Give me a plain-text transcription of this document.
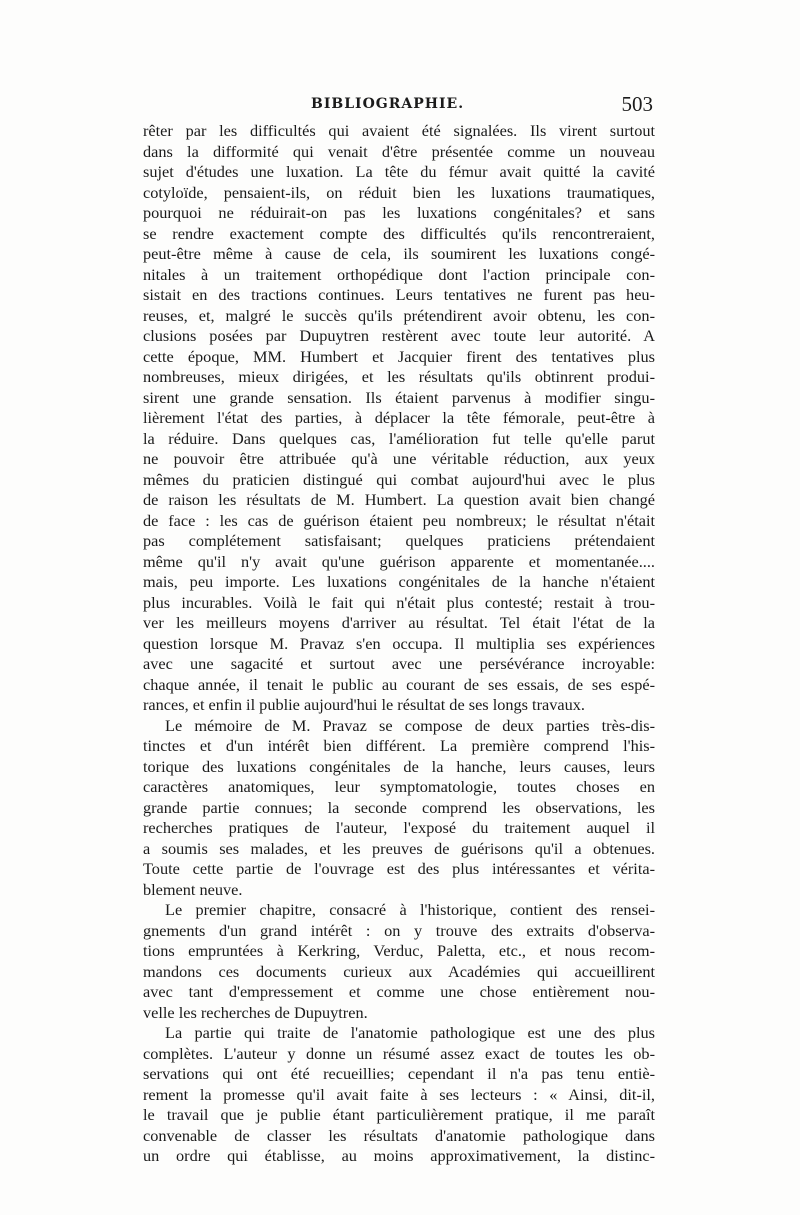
BIBLIOGRAPHIE.	503

rêter par les difficultés qui avaient été signalées. Ils virent surtout

dans la difformité qui venait d'être présentée comme un nouveau

sujet d'études une luxation. La tête du fémur avait quitté la cavité

cotyloïde, pensaient-ils, on réduit bien les luxations traumatiques,

pourquoi ne réduirait-on pas les luxations congénitales? et sans

se rendre exactement compte des difficultés qu'ils rencontreraient,

peut-être même à cause de cela, ils soumirent les luxations congé-

nitales à un traitement orthopédique dont l'action principale con-

sistait en des tractions continues. Leurs tentatives ne furent pas heu-

reuses, et, malgré le succès qu'ils prétendirent avoir obtenu, les con-

clusions posées par Dupuytren restèrent avec toute leur autorité. A

cette époque, MM. Humbert et Jacquier firent des tentatives plus

nombreuses, mieux dirigées, et les résultats qu'ils obtinrent produi-

sirent une grande sensation. Ils étaient parvenus à modifier singu-

lièrement l'état des parties, à déplacer la tête fémorale, peut-être à

la réduire. Dans quelques cas, l'amélioration fut telle qu'elle parut

ne pouvoir être attribuée qu'à une véritable réduction, aux yeux

mêmes du praticien distingué qui combat aujourd'hui avec le plus

de raison les résultats de M. Humbert. La question avait bien changé

de face : les cas de guérison étaient peu nombreux; le résultat n'était

pas complétement satisfaisant; quelques praticiens prétendaient

même qu'il n'y avait qu'une guérison apparente et momentanée....

mais, peu importe. Les luxations congénitales de la hanche n'étaient

plus incurables. Voilà le fait qui n'était plus contesté; restait à trou-

ver les meilleurs moyens d'arriver au résultat. Tel était l'état de la

question lorsque M. Pravaz s'en occupa. Il multiplia ses expériences

avec une sagacité et surtout avec une persévérance incroyable:

chaque année, il tenait le public au courant de ses essais, de ses espé-

rances, et enfin il publie aujourd'hui le résultat de ses longs travaux.

Le mémoire de M. Pravaz se compose de deux parties très-dis-

tinctes et d'un intérêt bien différent. La première comprend l'his-

torique des luxations congénitales de la hanche, leurs causes, leurs

caractères anatomiques, leur symptomatologie, toutes choses en

grande partie connues; la seconde comprend les observations, les

recherches pratiques de l'auteur, l'exposé du traitement auquel il

a soumis ses malades, et les preuves de guérisons qu'il a obtenues.

Toute cette partie de l'ouvrage est des plus intéressantes et vérita-

blement neuve.

Le premier chapitre, consacré à l'historique, contient des rensei-

gnements d'un grand intérêt : on y trouve des extraits d'observa-

tions empruntées à Kerkring, Verduc, Paletta, etc., et nous recom-

mandons ces documents curieux aux Académies qui accueillirent

avec tant d'empressement et comme une chose entièrement nou-

velle les recherches de Dupuytren.

La partie qui traite de l'anatomie pathologique est une des plus

complètes. L'auteur y donne un résumé assez exact de toutes les ob-

servations qui ont été recueillies; cependant il n'a pas tenu entiè-

rement la promesse qu'il avait faite à ses lecteurs : « Ainsi, dit-il,

le travail que je publie étant particulièrement pratique, il me paraît

convenable de classer les résultats d'anatomie pathologique dans

un ordre qui établisse, au moins approximativement, la distinc-
